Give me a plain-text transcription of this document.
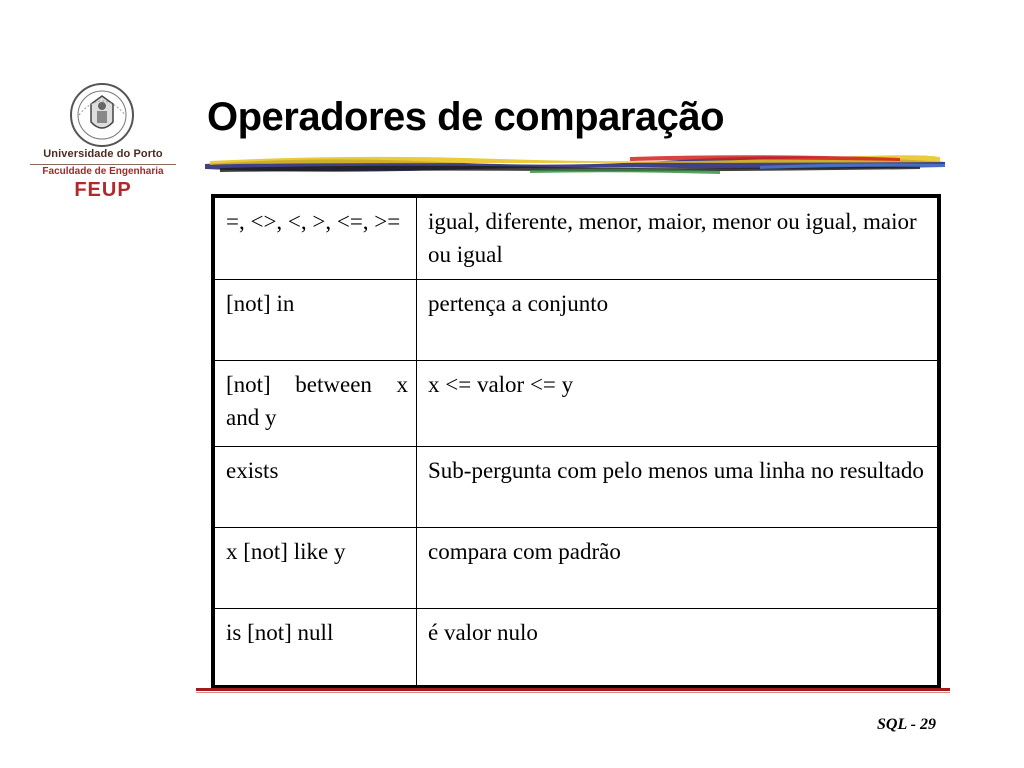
Universidade do Porto
Faculdade de Engenharia
FEUP
Operadores de comparação
=, <>, <, >, <=, >=	igual, diferente, menor, maior, menor ou igual, maior ou igual
[not] in	pertença a conjunto
[not] between x and y	x <= valor <= y
exists	Sub-pergunta com pelo menos uma linha no resultado
x [not] like y	compara com padrão
is [not] null	é valor nulo
SQL - 29
